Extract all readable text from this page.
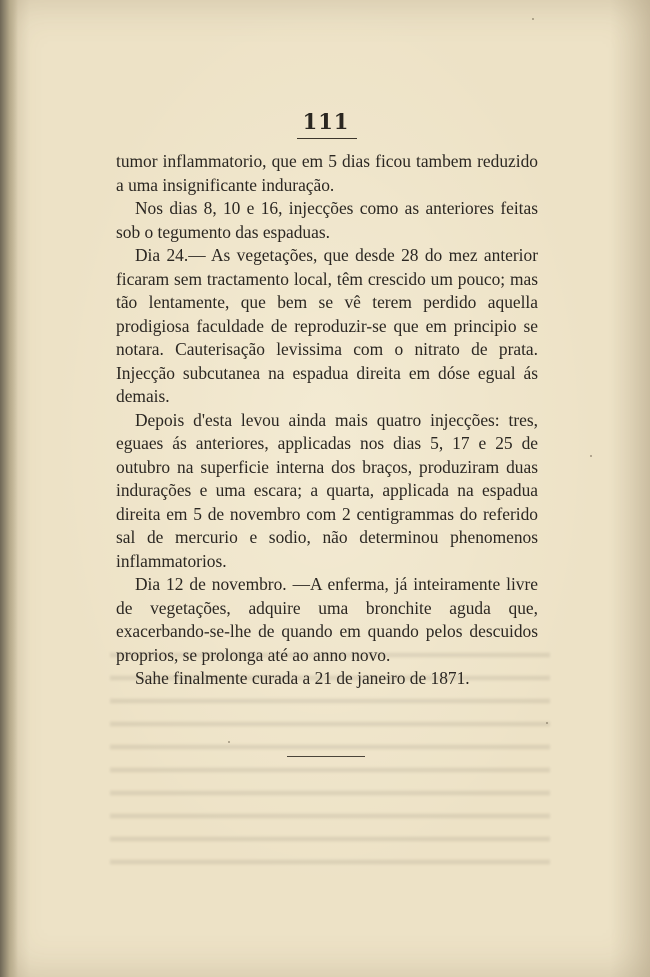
111

tumor inflammatorio, que em 5 dias ficou tambem reduzido a uma insignificante induração.

Nos dias 8, 10 e 16, injecções como as anteriores feitas sob o tegumento das espaduas.

Dia 24.— As vegetações, que desde 28 do mez anterior ficaram sem tractamento local, têm crescido um pouco; mas tão lentamente, que bem se vê terem perdido aquella prodigiosa faculdade de reproduzir-se que em principio se notara. Cauterisação levissima com o nitrato de prata. Injecção subcutanea na espadua direita em dóse egual ás demais.

Depois d'esta levou ainda mais quatro injecções: tres, eguaes ás anteriores, applicadas nos dias 5, 17 e 25 de outubro na superficie interna dos braços, produziram duas indurações e uma escara; a quarta, applicada na espadua direita em 5 de novembro com 2 centigrammas do referido sal de mercurio e sodio, não determinou phenomenos inflammatorios.

Dia 12 de novembro. —A enferma, já inteiramente livre de vegetações, adquire uma bronchite aguda que, exacerbando-se-lhe de quando em quando pelos descuidos proprios, se prolonga até ao anno novo.

Sahe finalmente curada a 21 de janeiro de 1871.
